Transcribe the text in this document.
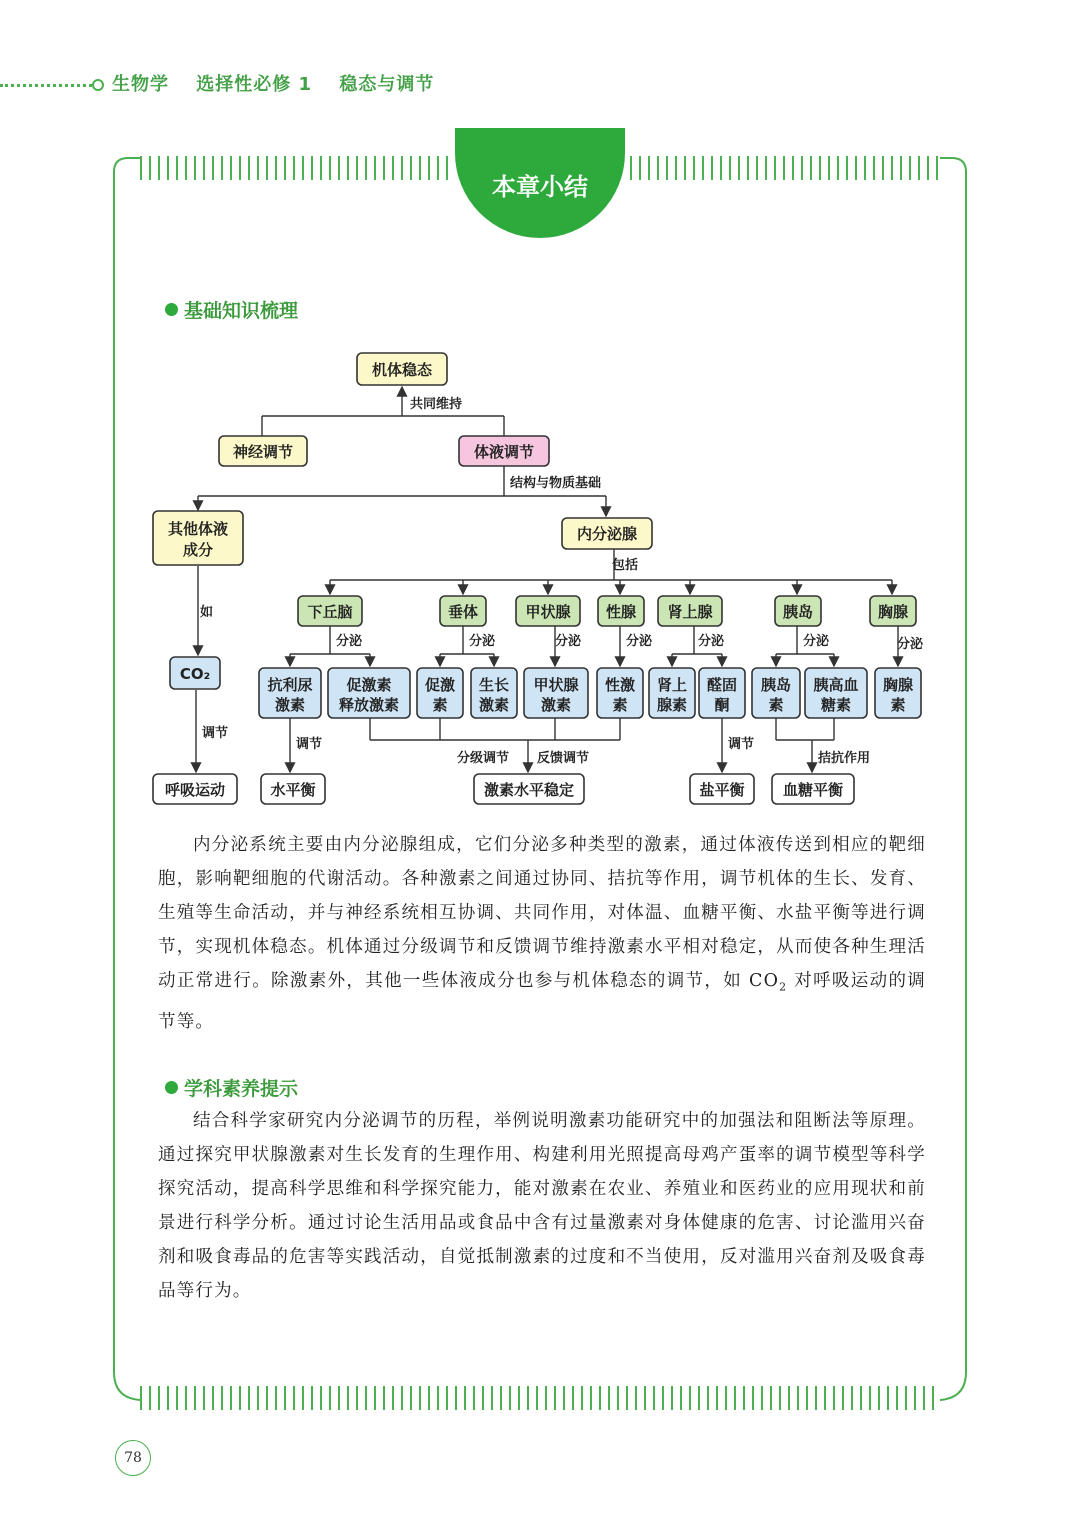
生物学 选择性必修 1 稳态与调节
本章小结
基础知识梳理
机体稳态
神经调节	体液调节
其他体液
成分
内分泌腺
CO₂
下丘脑	垂体	甲状腺 性腺 肾上腺	胰岛	胸腺
抗利尿
激素
促激素
释放激素
促激
素
生长
激素
甲状腺
激素
性激
素
肾上
腺素
醛固
酮
胰岛
素
胰高血
糖素
胸腺
素
呼吸运动	水平衡	激素水平稳定	盐平衡	血糖平衡
共同维持
结构与物质基础
包括
如
调节
分泌	分泌	分泌	分泌	分泌	分泌	分泌
调节
分级调节 反馈调节
调节
拮抗作用
内分泌系统主要由内分泌腺组成，它们分泌多种类型的激素，通过体液传送到相应的靶细胞，影响靶细胞的代谢活动。各种激素之间通过协同、拮抗等作用，调节机体的生长、发育、生殖等生命活动，并与神经系统相互协调、共同作用，对体温、血糖平衡、水盐平衡等进行调节，实现机体稳态。机体通过分级调节和反馈调节维持激素水平相对稳定，从而使各种生理活动正常进行。除激素外，其他一些体液成分也参与机体稳态的调节，如 $CO_2$ 对呼吸运动的调节等。
学科素养提示
结合科学家研究内分泌调节的历程，举例说明激素功能研究中的加强法和阻断法等原理。通过探究甲状腺激素对生长发育的生理作用、构建利用光照提高母鸡产蛋率的调节模型等科学探究活动，提高科学思维和科学探究能力，能对激素在农业、养殖业和医药业的应用现状和前景进行科学分析。通过讨论生活用品或食品中含有过量激素对身体健康的危害、讨论滥用兴奋剂和吸食毒品的危害等实践活动，自觉抵制激素的过度和不当使用，反对滥用兴奋剂及吸食毒品等行为。
78
